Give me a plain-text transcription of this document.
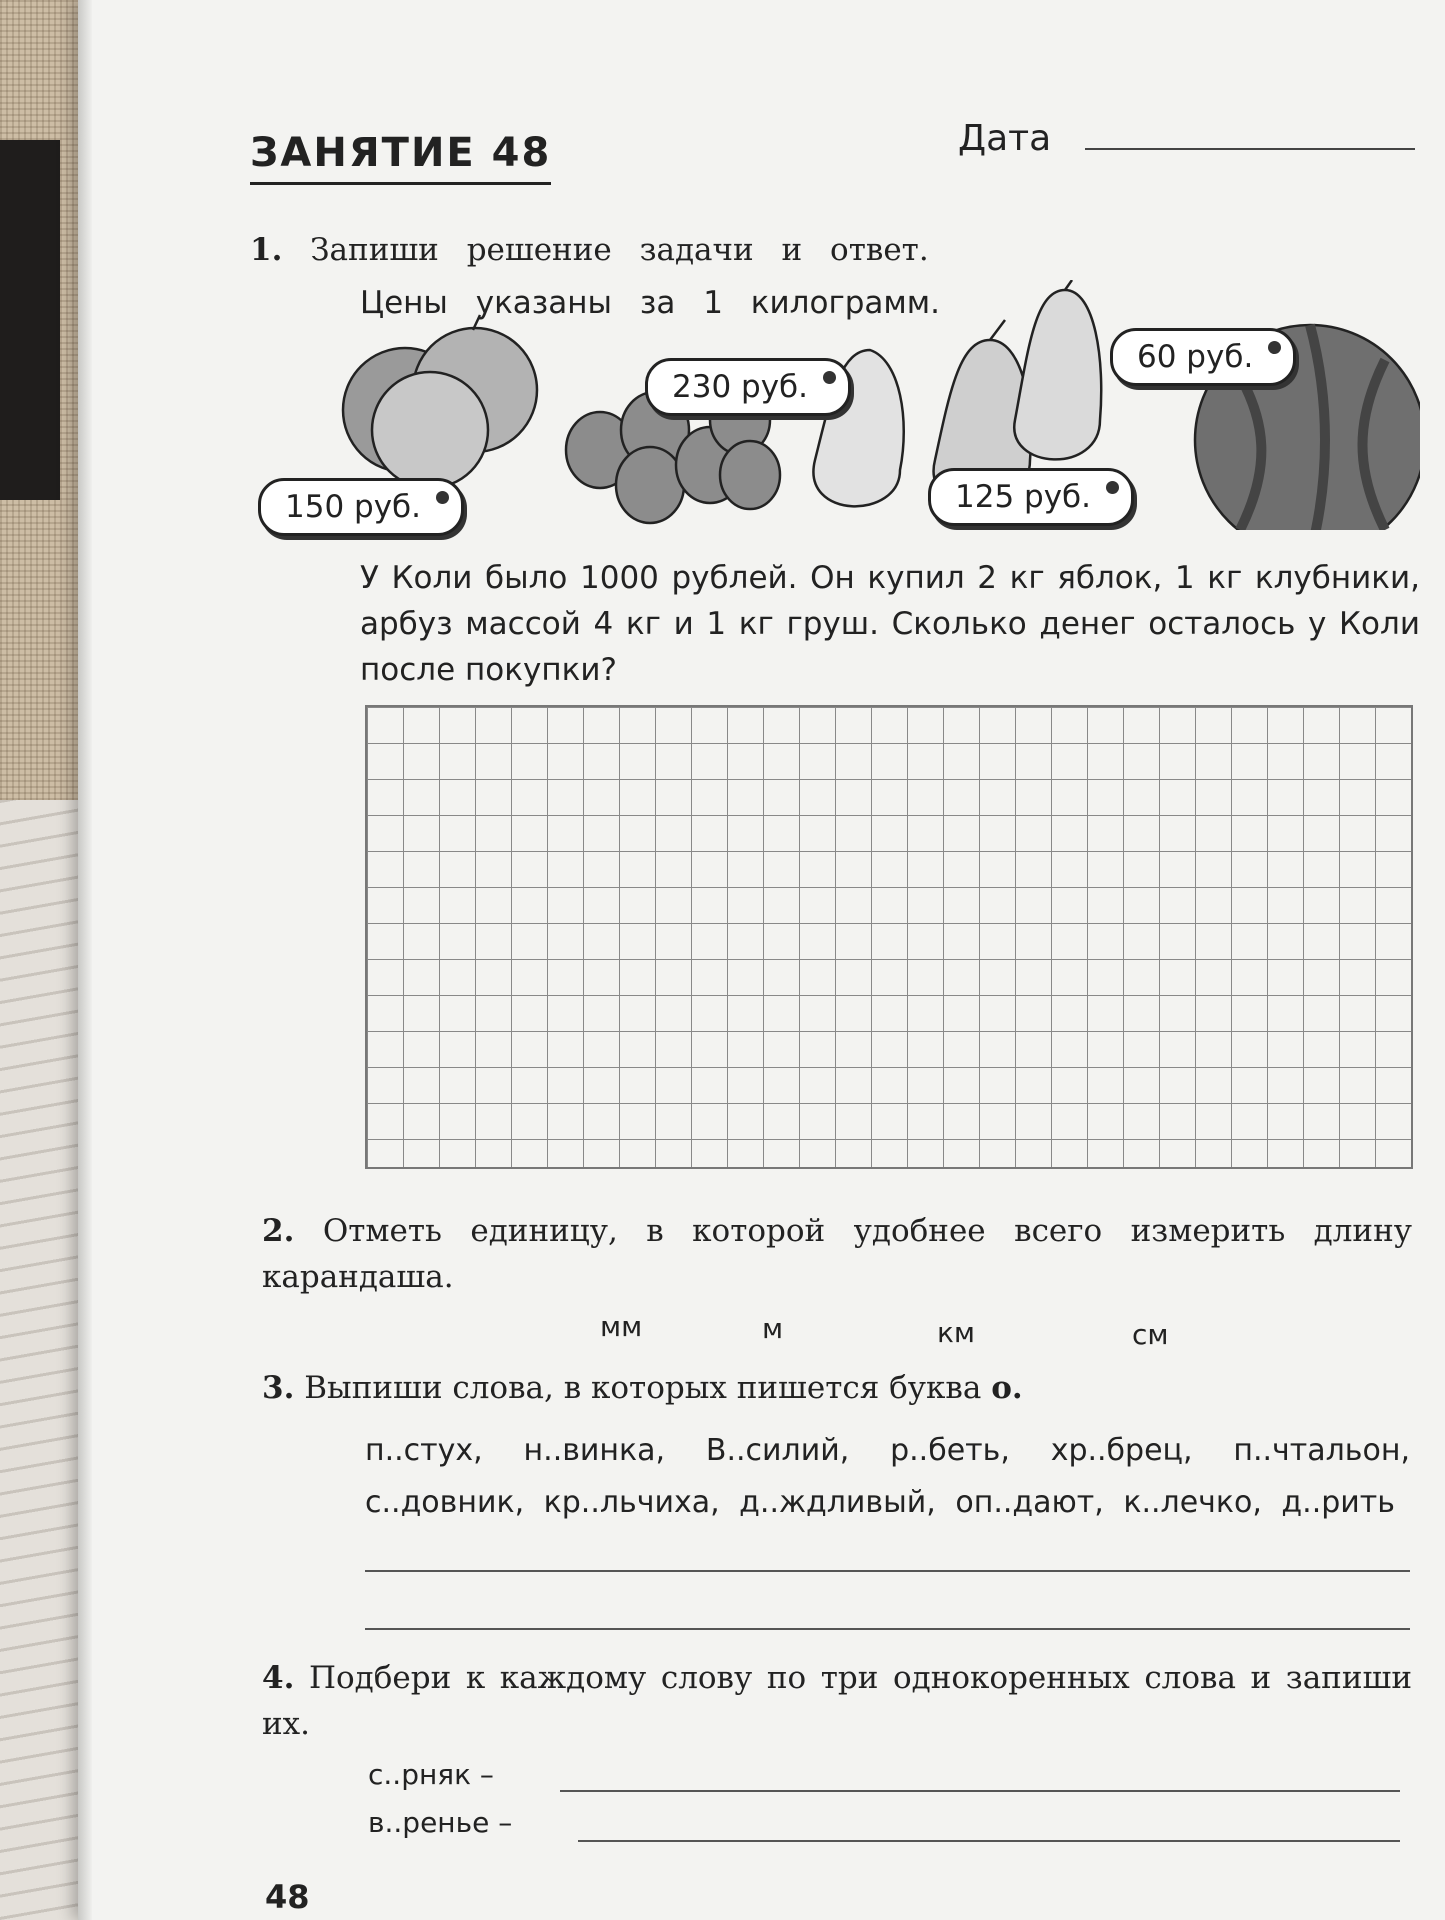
ЗАНЯТИЕ 48	Дата
1. Запиши решение задачи и ответ.
Цены указаны за 1 килограмм.
150 руб.
230 руб.
125 руб.
60 руб.
У Коли было 1000 рублей. Он купил 2 кг яблок, 1 кг клубники, арбуз массой 4 кг и 1 кг груш. Сколько денег осталось у Коли после покупки?
2. Отметь единицу, в которой удобнее всего измерить длину карандаша.
мм	м	км	см
3. Выпиши слова, в которых пишется буква о.
п..стух, н..винка, В..силий, р..беть, хр..брец, п..чтальон, с..довник, кр..льчиха, д..ждливый, оп..дают, к..лечко, д..рить
4. Подбери к каждому слову по три однокоренных слова и запиши их.
с..рняк –
в..ренье –
48
